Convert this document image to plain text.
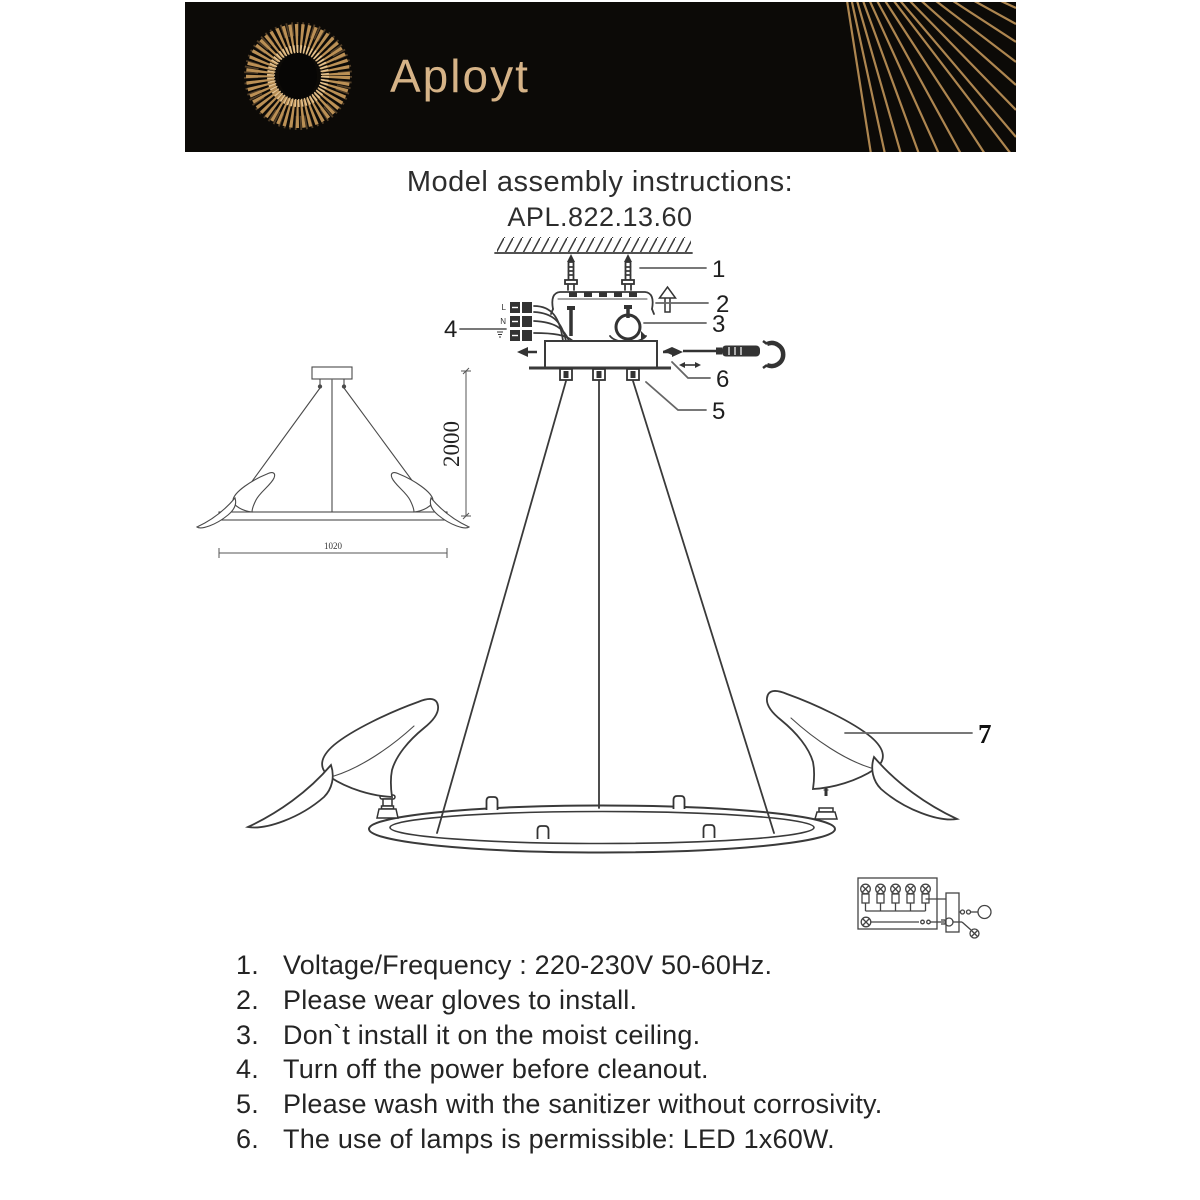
Aployt
Model assembly instructions:
APL.822.13.60
L
N
2000
1020
1
2
3
4
5
6
7
1. Voltage/Frequency : 220-230V 50-60Hz.
2. Please wear gloves to install.
3. Don`t install it on the moist ceiling.
4. Turn off the power before cleanout.
5. Please wash with the sanitizer without corrosivity.
6. The use of lamps is permissible: LED 1x60W.
